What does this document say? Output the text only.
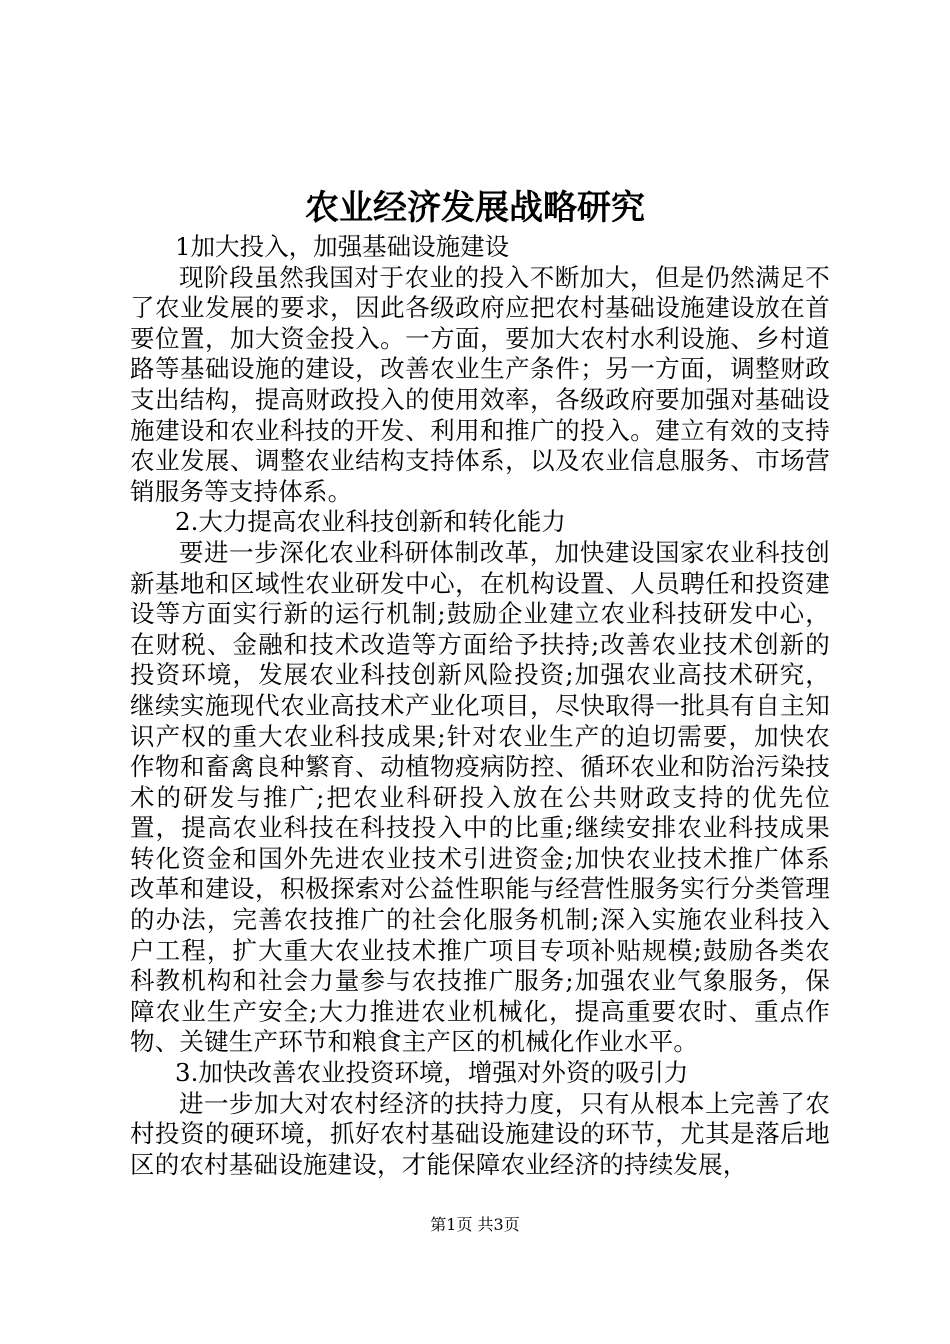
农业经济发展战略研究
1加大投入，加强基础设施建设

现阶段虽然我国对于农业的投入不断加大，但是仍然满足不了农业发展的要求，因此各级政府应把农村基础设施建设放在首要位置，加大资金投入。一方面，要加大农村水利设施、乡村道路等基础设施的建设，改善农业生产条件；另一方面，调整财政支出结构，提高财政投入的使用效率，各级政府要加强对基础设施建设和农业科技的开发、利用和推广的投入。建立有效的支持农业发展、调整农业结构支持体系，以及农业信息服务、市场营销服务等支持体系。

2.大力提高农业科技创新和转化能力

要进一步深化农业科研体制改革，加快建设国家农业科技创新基地和区域性农业研发中心，在机构设置、人员聘任和投资建设等方面实行新的运行机制;鼓励企业建立农业科技研发中心，在财税、金融和技术改造等方面给予扶持;改善农业技术创新的投资环境，发展农业科技创新风险投资;加强农业高技术研究，继续实施现代农业高技术产业化项目，尽快取得一批具有自主知识产权的重大农业科技成果;针对农业生产的迫切需要，加快农作物和畜禽良种繁育、动植物疫病防控、循环农业和防治污染技术的研发与推广;把农业科研投入放在公共财政支持的优先位置，提高农业科技在科技投入中的比重;继续安排农业科技成果转化资金和国外先进农业技术引进资金;加快农业技术推广体系改革和建设，积极探索对公益性职能与经营性服务实行分类管理的办法，完善农技推广的社会化服务机制;深入实施农业科技入户工程，扩大重大农业技术推广项目专项补贴规模;鼓励各类农科教机构和社会力量参与农技推广服务;加强农业气象服务，保障农业生产安全;大力推进农业机械化，提高重要农时、重点作物、关键生产环节和粮食主产区的机械化作业水平。

3.加快改善农业投资环境，增强对外资的吸引力

进一步加大对农村经济的扶持力度，只有从根本上完善了农村投资的硬环境，抓好农村基础设施建设的环节，尤其是落后地区的农村基础设施建设，才能保障农业经济的持续发展，

第1页 共3页
